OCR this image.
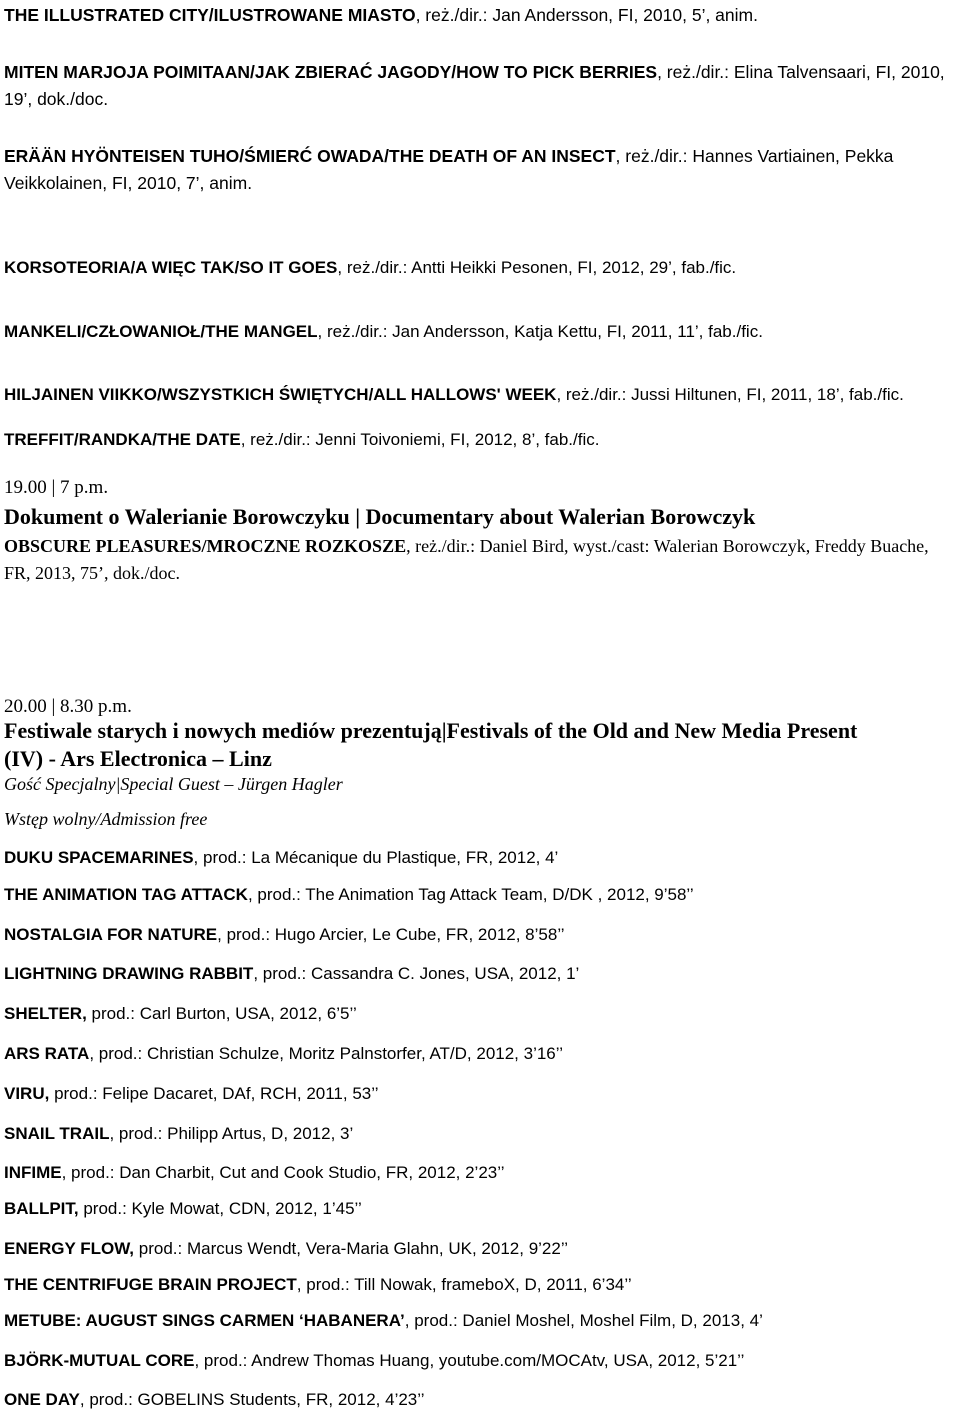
THE ILLUSTRATED CITY/ILUSTROWANE MIASTO, reż./dir.: Jan Andersson, FI, 2010, 5’, anim.
MITEN MARJOJA POIMITAAN/JAK ZBIERAĆ JAGODY/HOW TO PICK BERRIES, reż./dir.: Elina Talvensaari, FI, 2010, 19’, dok./doc.
ERÄÄN HYÖNTEISEN TUHO/ŚMIERĆ OWADA/THE DEATH OF AN INSECT, reż./dir.: Hannes Vartiainen, Pekka Veikkolainen, FI, 2010, 7’, anim.
KORSOTEORIA/A WIĘC TAK/SO IT GOES, reż./dir.: Antti Heikki Pesonen, FI, 2012, 29’, fab./fic.
MANKELI/CZŁOWANIOŁ/THE MANGEL, reż./dir.: Jan Andersson, Katja Kettu, FI, 2011, 11’, fab./fic.
HILJAINEN VIIKKO/WSZYSTKICH ŚWIĘTYCH/ALL HALLOWS' WEEK, reż./dir.: Jussi Hiltunen, FI, 2011, 18’, fab./fic.
TREFFIT/RANDKA/THE DATE, reż./dir.: Jenni Toivoniemi, FI, 2012, 8’, fab./fic.
19.00 | 7 p.m.
Dokument o Walerianie Borowczyku | Documentary about Walerian Borowczyk
OBSCURE PLEASURES/MROCZNE ROZKOSZE, reż./dir.: Daniel Bird, wyst./cast: Walerian Borowczyk, Freddy Buache, FR, 2013, 75’, dok./doc.
20.00 | 8.30 p.m.
Festiwale starych i nowych mediów prezentują|Festivals of the Old and New Media Present
(IV) - Ars Electronica – Linz
Gość Specjalny|Special Guest – Jürgen Hagler
Wstęp wolny/Admission free
DUKU SPACEMARINES, prod.: La Mécanique du Plastique, FR, 2012, 4’
THE ANIMATION TAG ATTACK, prod.: The Animation Tag Attack Team, D/DK , 2012, 9’58’’
NOSTALGIA FOR NATURE, prod.: Hugo Arcier, Le Cube, FR, 2012, 8’58’’
LIGHTNING DRAWING RABBIT, prod.: Cassandra C. Jones, USA, 2012, 1’
SHELTER, prod.: Carl Burton, USA, 2012, 6’5’’
ARS RATA, prod.: Christian Schulze, Moritz Palnstorfer, AT/D, 2012, 3’16’’
VIRU, prod.: Felipe Dacaret, DAf, RCH, 2011, 53’’
SNAIL TRAIL, prod.: Philipp Artus, D, 2012, 3’
INFIME, prod.: Dan Charbit, Cut and Cook Studio, FR, 2012, 2’23’’
BALLPIT, prod.: Kyle Mowat, CDN, 2012, 1’45’’
ENERGY FLOW, prod.: Marcus Wendt, Vera-Maria Glahn, UK, 2012, 9’22’’
THE CENTRIFUGE BRAIN PROJECT, prod.: Till Nowak, frameboX, D, 2011, 6’34’’
METUBE: AUGUST SINGS CARMEN ‘HABANERA’, prod.: Daniel Moshel, Moshel Film, D, 2013, 4’
BJÖRK-MUTUAL CORE, prod.: Andrew Thomas Huang, youtube.com/MOCAtv, USA, 2012, 5’21’’
ONE DAY, prod.: GOBELINS Students, FR, 2012, 4’23’’
